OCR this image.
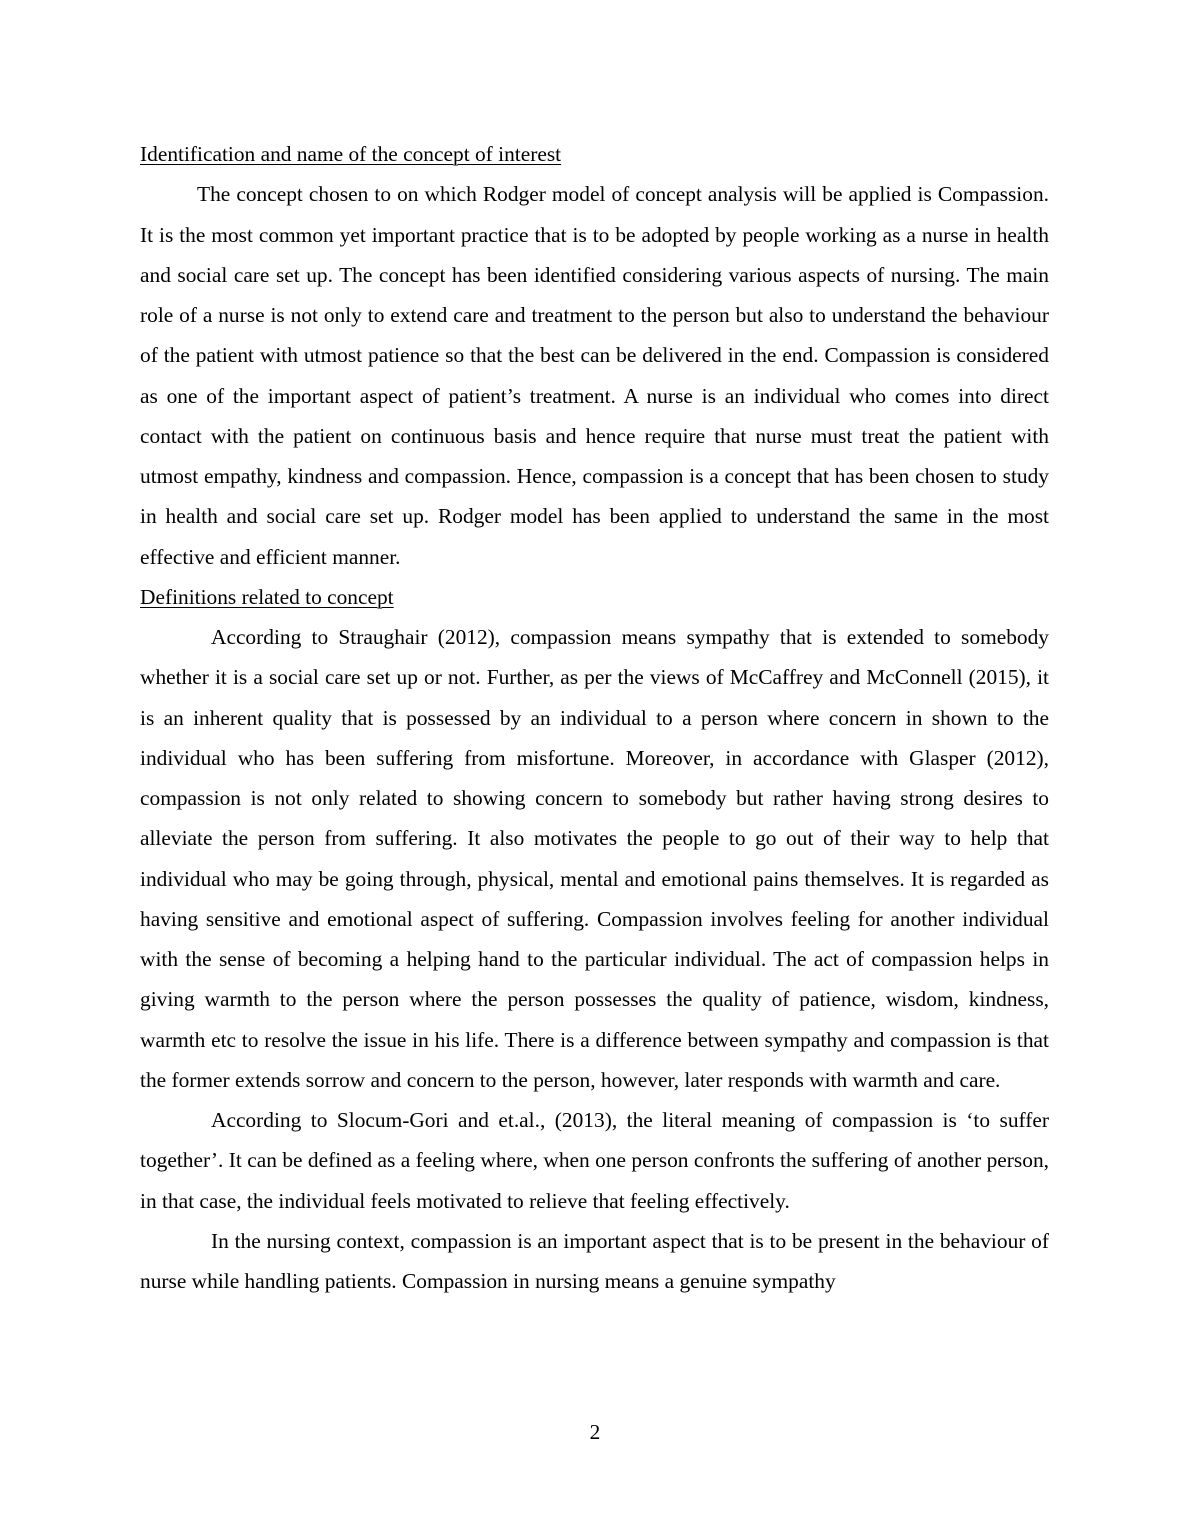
Identification and name of the concept of interest

The concept chosen to on which Rodger model of concept analysis will be applied is Compassion. It is the most common yet important practice that is to be adopted by people working as a nurse in health and social care set up. The concept has been identified considering various aspects of nursing. The main role of a nurse is not only to extend care and treatment to the person but also to understand the behaviour of the patient with utmost patience so that the best can be delivered in the end. Compassion is considered as one of the important aspect of patient’s treatment. A nurse is an individual who comes into direct contact with the patient on continuous basis and hence require that nurse must treat the patient with utmost empathy, kindness and compassion. Hence, compassion is a concept that has been chosen to study in health and social care set up. Rodger model has been applied to understand the same in the most effective and efficient manner.

Definitions related to concept

According to Straughair (2012), compassion means sympathy that is extended to somebody whether it is a social care set up or not. Further, as per the views of McCaffrey and McConnell (2015), it is an inherent quality that is possessed by an individual to a person where concern in shown to the individual who has been suffering from misfortune. Moreover, in accordance with Glasper (2012), compassion is not only related to showing concern to somebody but rather having strong desires to alleviate the person from suffering. It also motivates the people to go out of their way to help that individual who may be going through, physical, mental and emotional pains themselves. It is regarded as having sensitive and emotional aspect of suffering. Compassion involves feeling for another individual with the sense of becoming a helping hand to the particular individual. The act of compassion helps in giving warmth to the person where the person possesses the quality of patience, wisdom, kindness, warmth etc to resolve the issue in his life. There is a difference between sympathy and compassion is that the former extends sorrow and concern to the person, however, later responds with warmth and care.

According to Slocum-Gori and et.al., (2013), the literal meaning of compassion is ‘to suffer together’. It can be defined as a feeling where, when one person confronts the suffering of another person, in that case, the individual feels motivated to relieve that feeling effectively.

In the nursing context, compassion is an important aspect that is to be present in the behaviour of nurse while handling patients. Compassion in nursing means a genuine sympathy

2
